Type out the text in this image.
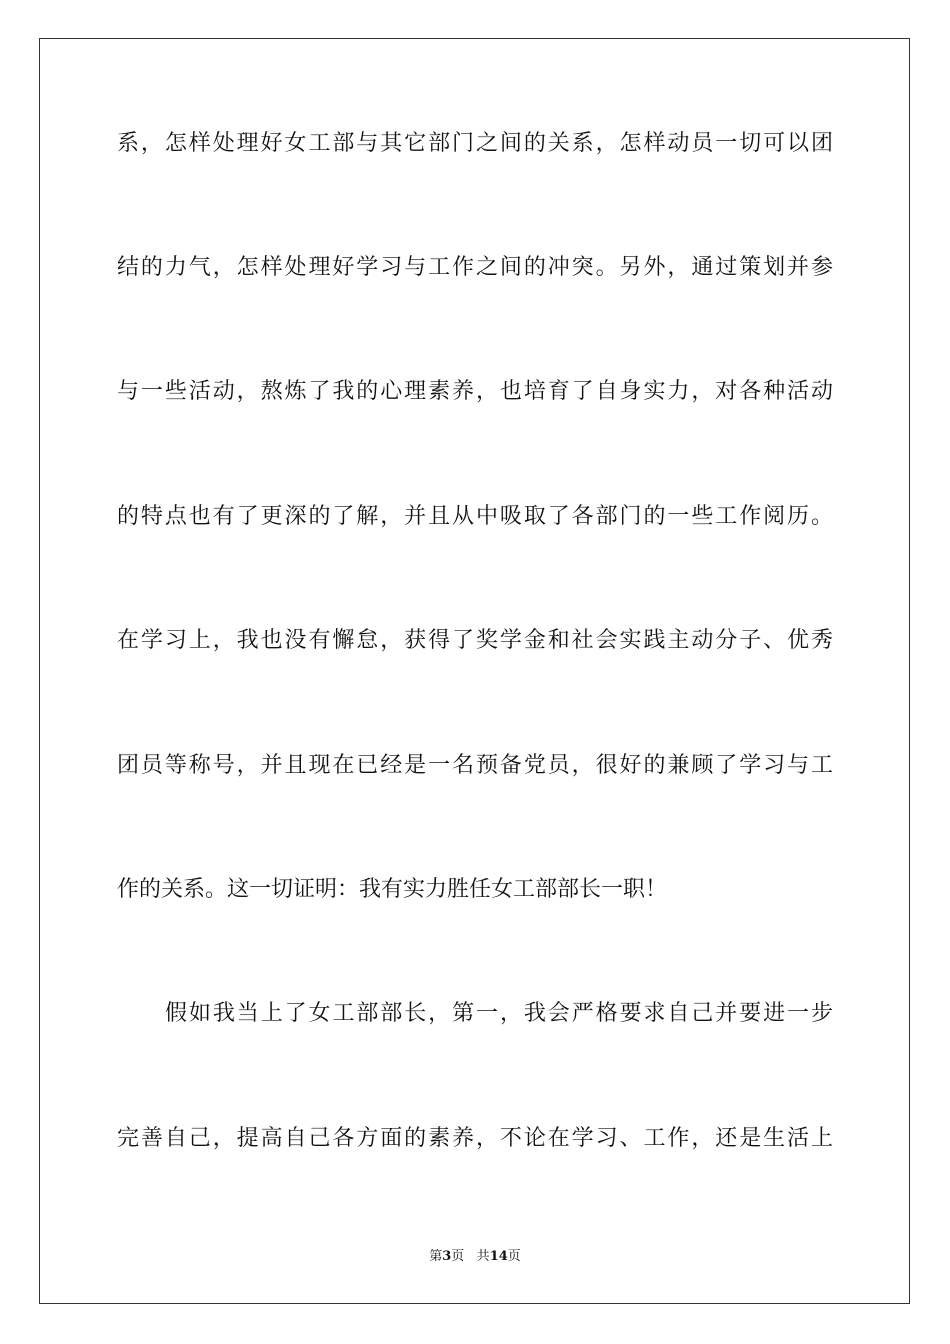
系，怎样处理好女工部与其它部门之间的关系，怎样动员一切可以团
结的力气，怎样处理好学习与工作之间的冲突。另外，通过策划并参
与一些活动，熬炼了我的心理素养，也培育了自身实力，对各种活动
的特点也有了更深的了解，并且从中吸取了各部门的一些工作阅历。
在学习上，我也没有懈怠，获得了奖学金和社会实践主动分子、优秀
团员等称号，并且现在已经是一名预备党员，很好的兼顾了学习与工
作的关系。这一切证明：我有实力胜任女工部部长一职！
假如我当上了女工部部长，第一，我会严格要求自己并要进一步
完善自己，提高自己各方面的素养，不论在学习、工作，还是生活上
第3页 共14页
